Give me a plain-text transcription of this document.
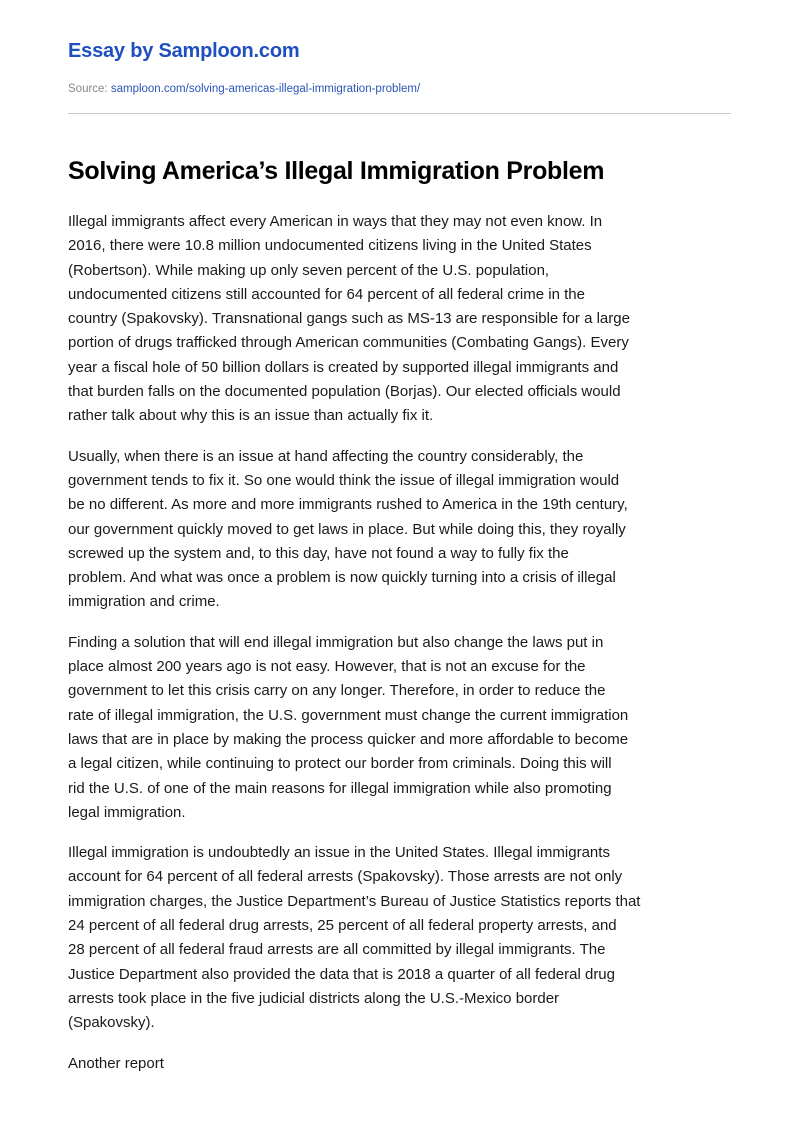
Essay by Samploon.com
Source: samploon.com/solving-americas-illegal-immigration-problem/
Solving America’s Illegal Immigration Problem

Illegal immigrants affect every American in ways that they may not even know. In
2016, there were 10.8 million undocumented citizens living in the United States
(Robertson). While making up only seven percent of the U.S. population,
undocumented citizens still accounted for 64 percent of all federal crime in the
country (Spakovsky). Transnational gangs such as MS-13 are responsible for a large
portion of drugs trafficked through American communities (Combating Gangs). Every
year a fiscal hole of 50 billion dollars is created by supported illegal immigrants and
that burden falls on the documented population (Borjas). Our elected officials would
rather talk about why this is an issue than actually fix it.

Usually, when there is an issue at hand affecting the country considerably, the
government tends to fix it. So one would think the issue of illegal immigration would
be no different. As more and more immigrants rushed to America in the 19th century,
our government quickly moved to get laws in place. But while doing this, they royally
screwed up the system and, to this day, have not found a way to fully fix the
problem. And what was once a problem is now quickly turning into a crisis of illegal
immigration and crime.

Finding a solution that will end illegal immigration but also change the laws put in
place almost 200 years ago is not easy. However, that is not an excuse for the
government to let this crisis carry on any longer. Therefore, in order to reduce the
rate of illegal immigration, the U.S. government must change the current immigration
laws that are in place by making the process quicker and more affordable to become
a legal citizen, while continuing to protect our border from criminals. Doing this will
rid the U.S. of one of the main reasons for illegal immigration while also promoting
legal immigration.

Illegal immigration is undoubtedly an issue in the United States. Illegal immigrants
account for 64 percent of all federal arrests (Spakovsky). Those arrests are not only
immigration charges, the Justice Department’s Bureau of Justice Statistics reports that
24 percent of all federal drug arrests, 25 percent of all federal property arrests, and
28 percent of all federal fraud arrests are all committed by illegal immigrants. The
Justice Department also provided the data that is 2018 a quarter of all federal drug
arrests took place in the five judicial districts along the U.S.-Mexico border
(Spakovsky).

Another report
